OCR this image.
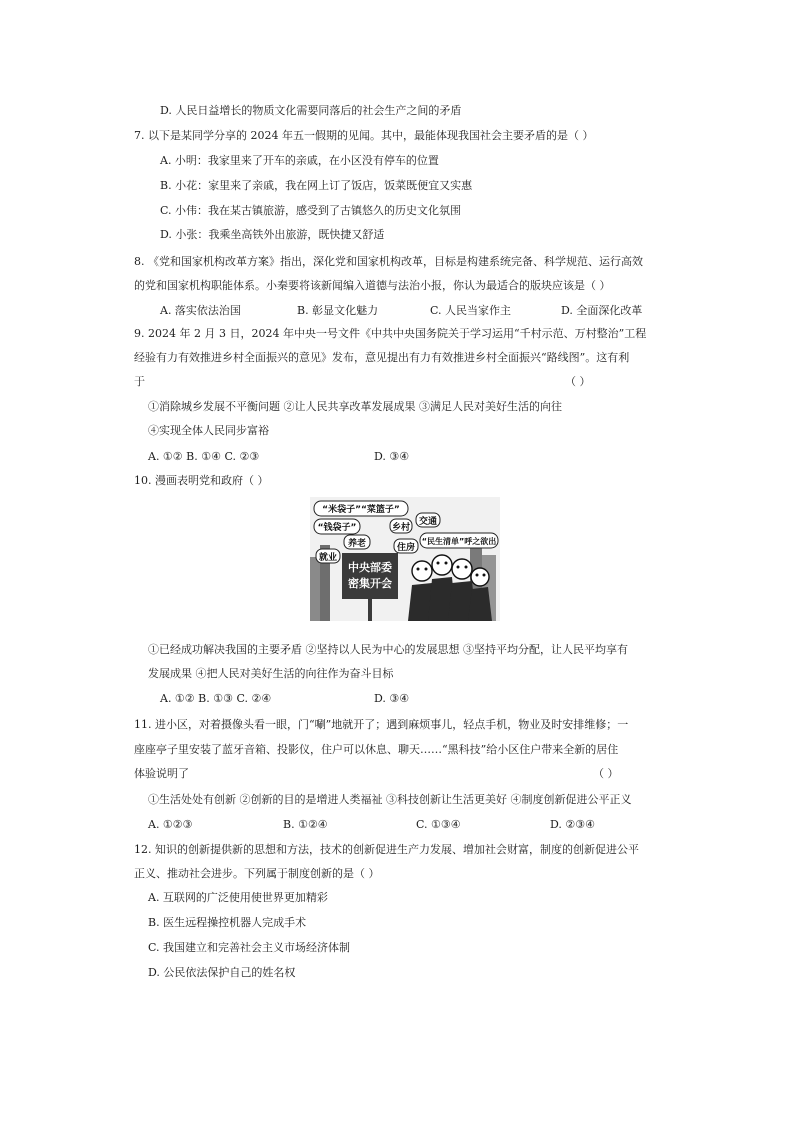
D. 人民日益增长的物质文化需要同落后的社会生产之间的矛盾
7. 以下是某同学分享的 2024 年五一假期的见闻。其中，最能体现我国社会主要矛盾的是（ ）
A. 小明：我家里来了开车的亲戚，在小区没有停车的位置
B. 小花：家里来了亲戚，我在网上订了饭店，饭菜既便宜又实惠
C. 小伟：我在某古镇旅游，感受到了古镇悠久的历史文化氛围
D. 小张：我乘坐高铁外出旅游，既快捷又舒适
8. 《党和国家机构改革方案》指出，深化党和国家机构改革，目标是构建系统完备、科学规范、运行高效
的党和国家机构职能体系。小秦要将该新闻编入道德与法治小报，你认为最适合的版块应该是（ ）
A. 落实依法治国	B. 彰显文化魅力	C. 人民当家作主	D. 全面深化改革
9. 2024 年 2 月 3 日，2024 年中央一号文件《中共中央国务院关于学习运用“千村示范、万村整治”工程
经验有力有效推进乡村全面振兴的意见》发布，意见提出有力有效推进乡村全面振兴“路线图”。这有利
于	（ ）
①消除城乡发展不平衡问题 ②让人民共享改革发展成果 ③满足人民对美好生活的向往
④实现全体人民同步富裕
A. ①② B. ①④ C. ②③	D. ③④
10. 漫画表明党和政府（ ）
中央部委
密集开会
“米袋子”“菜篮子”
“钱袋子”	乡村
交通
养老	住房
“民生清单”呼之欲出
就业
①已经成功解决我国的主要矛盾 ②坚持以人民为中心的发展思想 ③坚持平均分配，让人民平均享有
发展成果 ④把人民对美好生活的向往作为奋斗目标
A. ①② B. ①③ C. ②④	D. ③④
11. 进小区，对着摄像头看一眼，门“唰”地就开了；遇到麻烦事儿，轻点手机，物业及时安排维修；一
座座亭子里安装了蓝牙音箱、投影仪，住户可以休息、聊天……“黑科技”给小区住户带来全新的居住
体验说明了	（ ）
①生活处处有创新 ②创新的目的是增进人类福祉 ③科技创新让生活更美好 ④制度创新促进公平正义
A. ①②③	B. ①②④	C. ①③④	D. ②③④
12. 知识的创新提供新的思想和方法，技术的创新促进生产力发展、增加社会财富，制度的创新促进公平
正义、推动社会进步。下列属于制度创新的是（ ）
A. 互联网的广泛使用使世界更加精彩
B. 医生远程操控机器人完成手术
C. 我国建立和完善社会主义市场经济体制
D. 公民依法保护自己的姓名权
